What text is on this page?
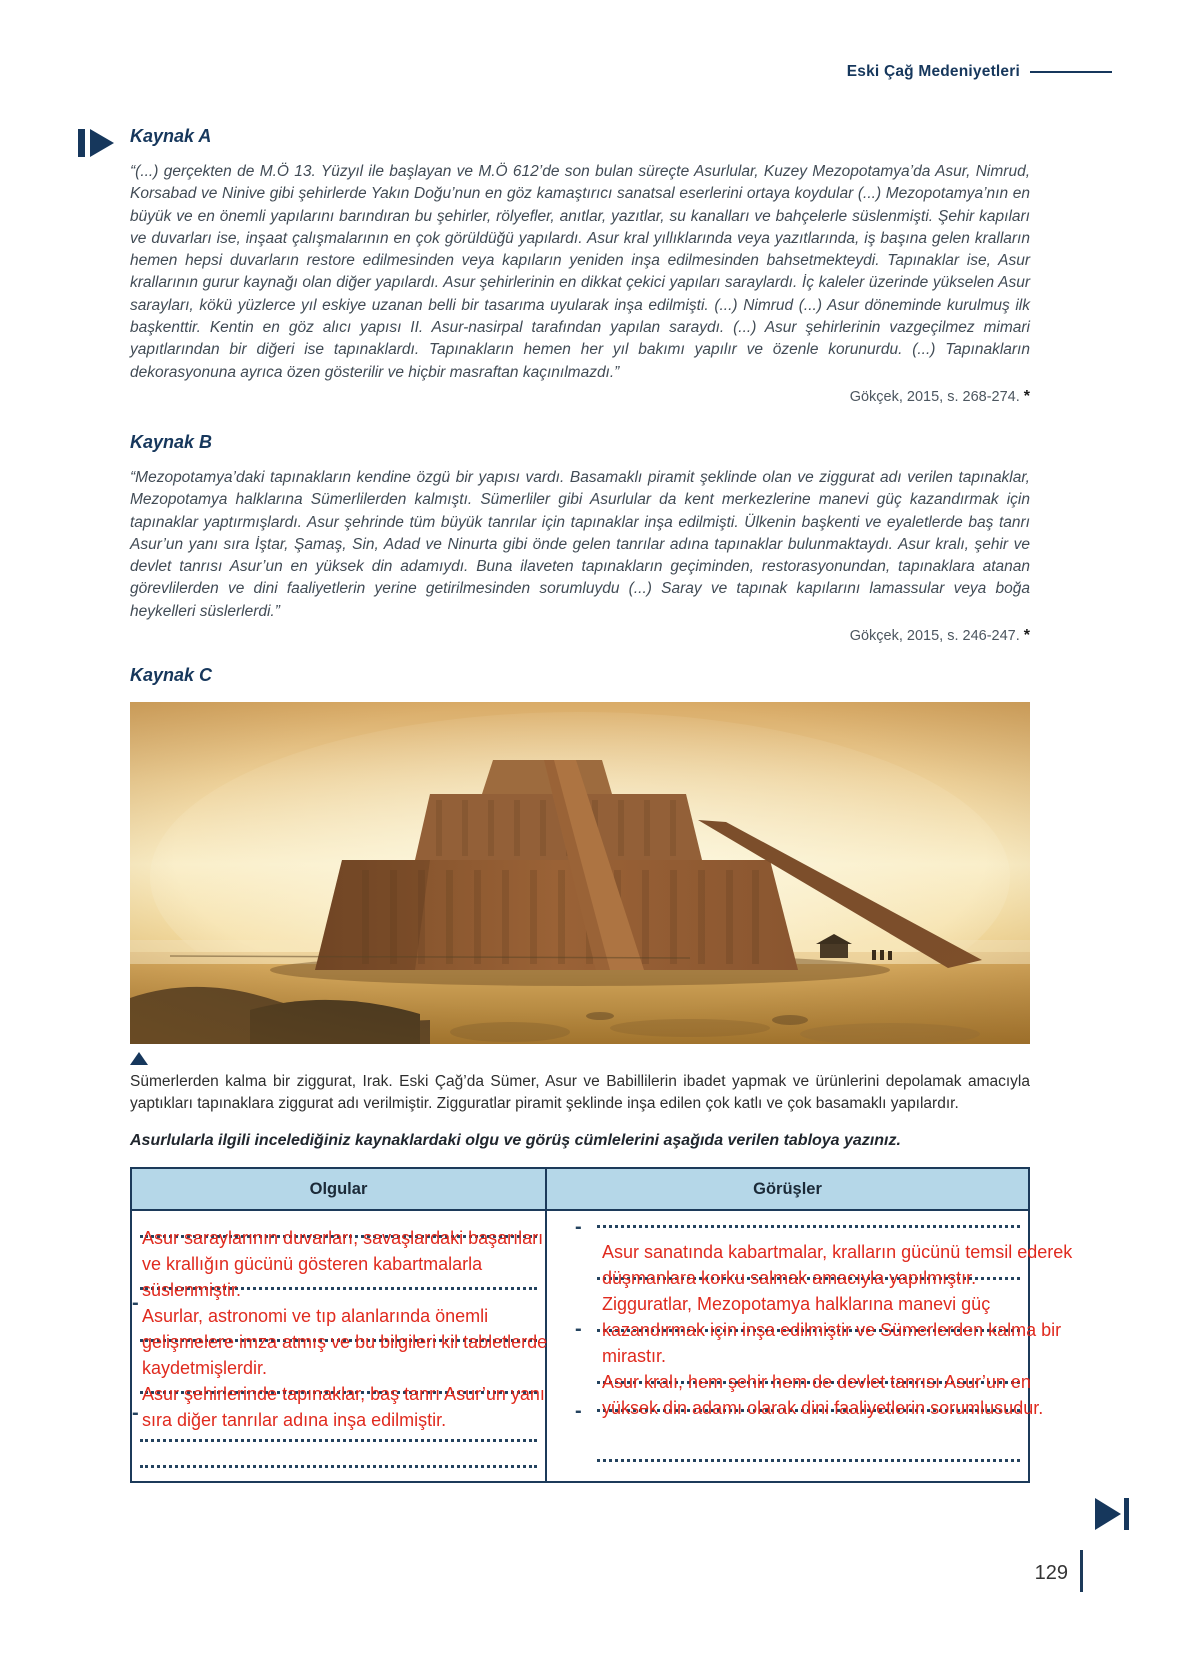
Eski Çağ Medeniyetleri
Kaynak A
“(...) gerçekten de M.Ö 13. Yüzyıl ile başlayan ve M.Ö 612’de son bulan süreçte Asurlular, Kuzey Mezopotamya’da Asur, Nimrud, Korsabad ve Ninive gibi şehirlerde Yakın Doğu’nun en göz kamaştırıcı sanatsal eserlerini ortaya koydular (...) Mezopotamya’nın en büyük ve en önemli yapılarını barındıran bu şehirler, rölyefler, anıtlar, yazıtlar, su kanalları ve bahçelerle süslenmişti. Şehir kapıları ve duvarları ise, inşaat çalışmalarının en çok görüldüğü yapılardı. Asur kral yıllıklarında veya yazıtlarında, iş başına gelen kralların hemen hepsi duvarların restore edilmesinden veya kapıların yeniden inşa edilmesinden bahsetmekteydi. Tapınaklar ise, Asur krallarının gurur kaynağı olan diğer yapılardı. Asur şehirlerinin en dikkat çekici yapıları saraylardı. İç kaleler üzerinde yükselen Asur sarayları, kökü yüzlerce yıl eskiye uzanan belli bir tasarıma uyularak inşa edilmişti. (...) Nimrud (...) Asur döneminde kurulmuş ilk başkenttir. Kentin en göz alıcı yapısı II. Asur-nasirpal tarafından yapılan saraydı. (...) Asur şehirlerinin vazgeçilmez mimari yapıtlarından bir diğeri ise tapınaklardı. Tapınakların hemen her yıl bakımı yapılır ve özenle korunurdu. (...) Tapınakların dekorasyonuna ayrıca özen gösterilir ve hiçbir masraftan kaçınılmazdı.”
Gökçek, 2015, s. 268-274. *
Kaynak B
“Mezopotamya’daki tapınakların kendine özgü bir yapısı vardı. Basamaklı piramit şeklinde olan ve ziggurat adı verilen tapınaklar, Mezopotamya halklarına Sümerlilerden kalmıştı. Sümerliler gibi Asurlular da kent merkezlerine manevi güç kazandırmak için tapınaklar yaptırmışlardı. Asur şehrinde tüm büyük tanrılar için tapınaklar inşa edilmişti. Ülkenin başkenti ve eyaletlerde baş tanrı Asur’un yanı sıra İştar, Şamaş, Sin, Adad ve Ninurta gibi önde gelen tanrılar adına tapınaklar bulunmaktaydı. Asur kralı, şehir ve devlet tanrısı Asur’un en yüksek din adamıydı. Buna ilaveten tapınakların geçiminden, restorasyonundan, tapınaklara atanan görevlilerden ve dini faaliyetlerin yerine getirilmesinden sorumluydu (...) Saray ve tapınak kapılarını lamassular veya boğa heykelleri süslerlerdi.”
Gökçek, 2015, s. 246-247. *
Kaynak C
Sümerlerden kalma bir ziggurat, Irak. Eski Çağ’da Sümer, Asur ve Babillilerin ibadet yapmak ve ürünlerini depolamak amacıyla yaptıkları tapınaklara ziggurat adı verilmiştir. Zigguratlar piramit şeklinde inşa edilen çok katlı ve çok basamaklı yapılardır.
Asurlularla ilgili incelediğiniz kaynaklardaki olgu ve görüş cümlelerini aşağıda verilen tabloya yazınız.
Olgular	Görüşler
-
-

Asur saraylarının duvarları, savaşlardaki başarıları ve krallığın gücünü gösteren kabartmalarla süslenmiştir.

Asurlar, astronomi ve tıp alanlarında önemli gelişmelere imza atmış ve bu bilgileri kil tabletlerde kaydetmişlerdir.

Asur şehirlerinde tapınaklar, baş tanrı Asur’un yanı sıra diğer tanrılar adına inşa edilmiştir.

-
-
-

Asur sanatında kabartmalar, kralların gücünü temsil ederek düşmanlara korku salmak amacıyla yapılmıştır.

Zigguratlar, Mezopotamya halklarına manevi güç kazandırmak için inşa edilmiştir ve Sümerlerden kalma bir mirastır.

Asur kralı, hem şehir hem de devlet tanrısı Asur’un en yüksek din adamı olarak dini faaliyetlerin sorumlusudur.

129
